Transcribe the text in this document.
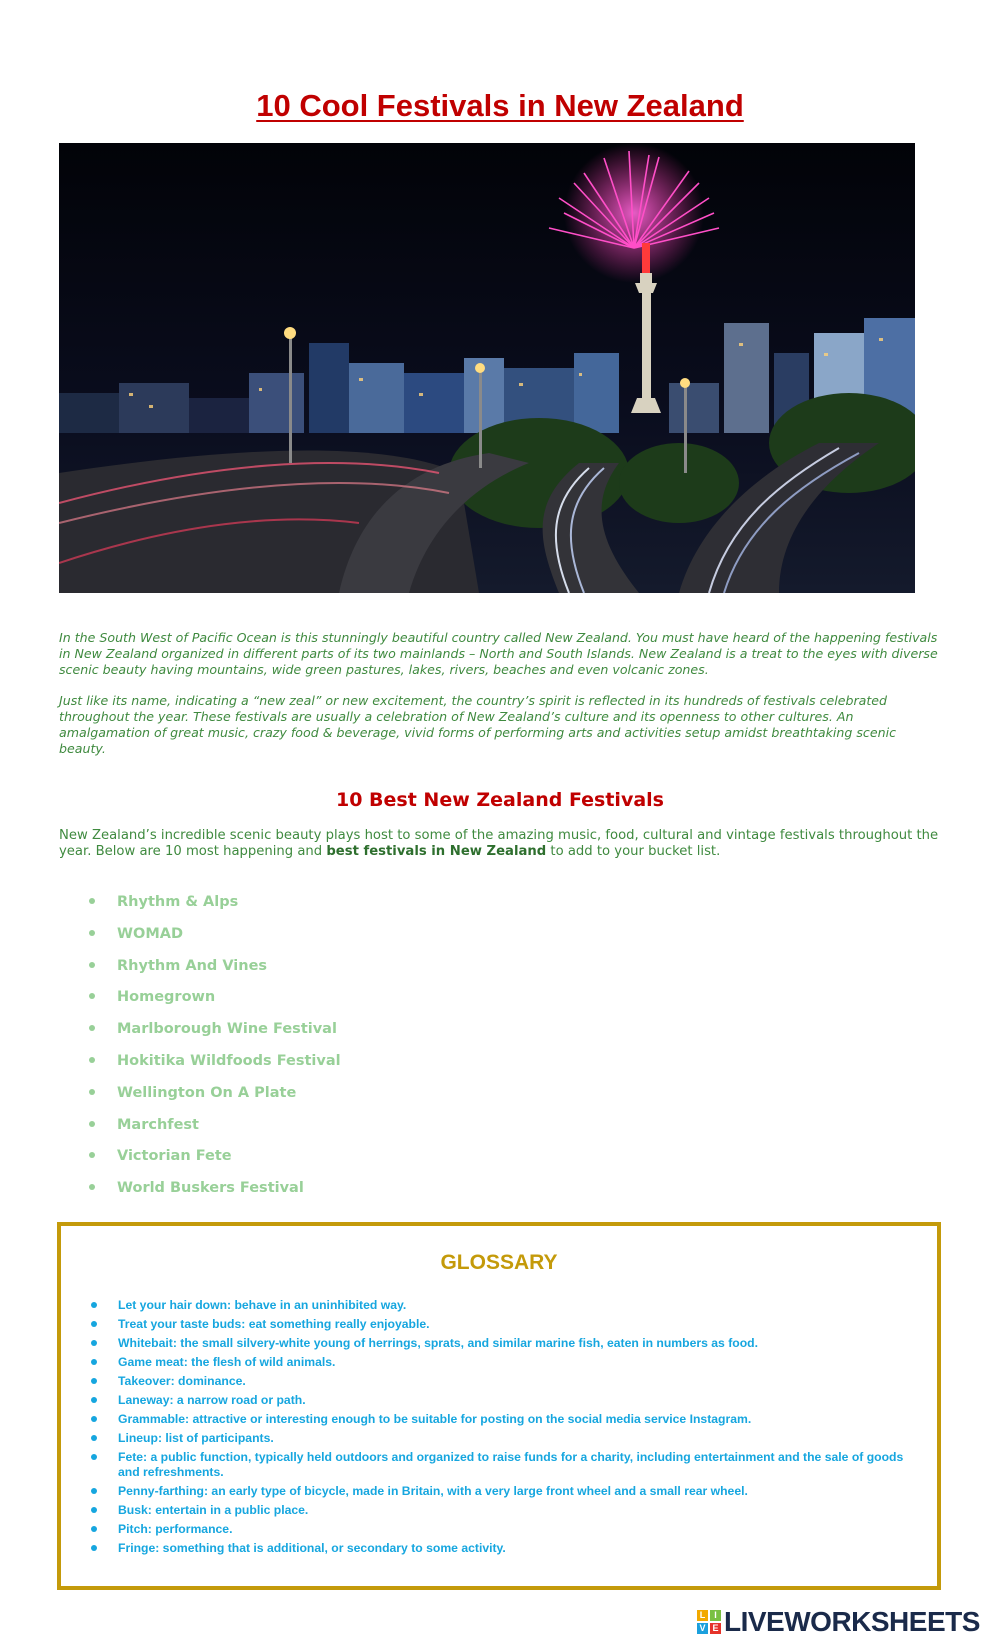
10 Cool Festivals in New Zealand

In the South West of Pacific Ocean is this stunningly beautiful country called New Zealand. You must have heard of the happening festivals in New Zealand organized in different parts of its two mainlands – North and South Islands. New Zealand is a treat to the eyes with diverse scenic beauty having mountains, wide green pastures, lakes, rivers, beaches and even volcanic zones.

Just like its name, indicating a “new zeal” or new excitement, the country’s spirit is reflected in its hundreds of festivals celebrated throughout the year. These festivals are usually a celebration of New Zealand’s culture and its openness to other cultures. An amalgamation of great music, crazy food & beverage, vivid forms of performing arts and activities setup amidst breathtaking scenic beauty.

10 Best New Zealand Festivals

New Zealand’s incredible scenic beauty plays host to some of the amazing music, food, cultural and vintage festivals throughout the year. Below are 10 most happening and best festivals in New Zealand to add to your bucket list.

Rhythm & Alps
WOMAD
Rhythm And Vines
Homegrown
Marlborough Wine Festival
Hokitika Wildfoods Festival
Wellington On A Plate
Marchfest
Victorian Fete
World Buskers Festival
GLOSSARY
Let your hair down: behave in an uninhibited way.
Treat your taste buds: eat something really enjoyable.
Whitebait: the small silvery-white young of herrings, sprats, and similar marine fish, eaten in numbers as food.
Game meat: the flesh of wild animals.
Takeover: dominance.
Laneway: a narrow road or path.
Grammable: attractive or interesting enough to be suitable for posting on the social media service Instagram.
Lineup: list of participants.
Fete: a public function, typically held outdoors and organized to raise funds for a charity, including entertainment and the sale of goods and refreshments.
Penny-farthing: an early type of bicycle, made in Britain, with a very large front wheel and a small rear wheel.
Busk: entertain in a public place.
Pitch: performance.
Fringe: something that is additional, or secondary to some activity.
L I
V E LIVEWORKSHEETS
